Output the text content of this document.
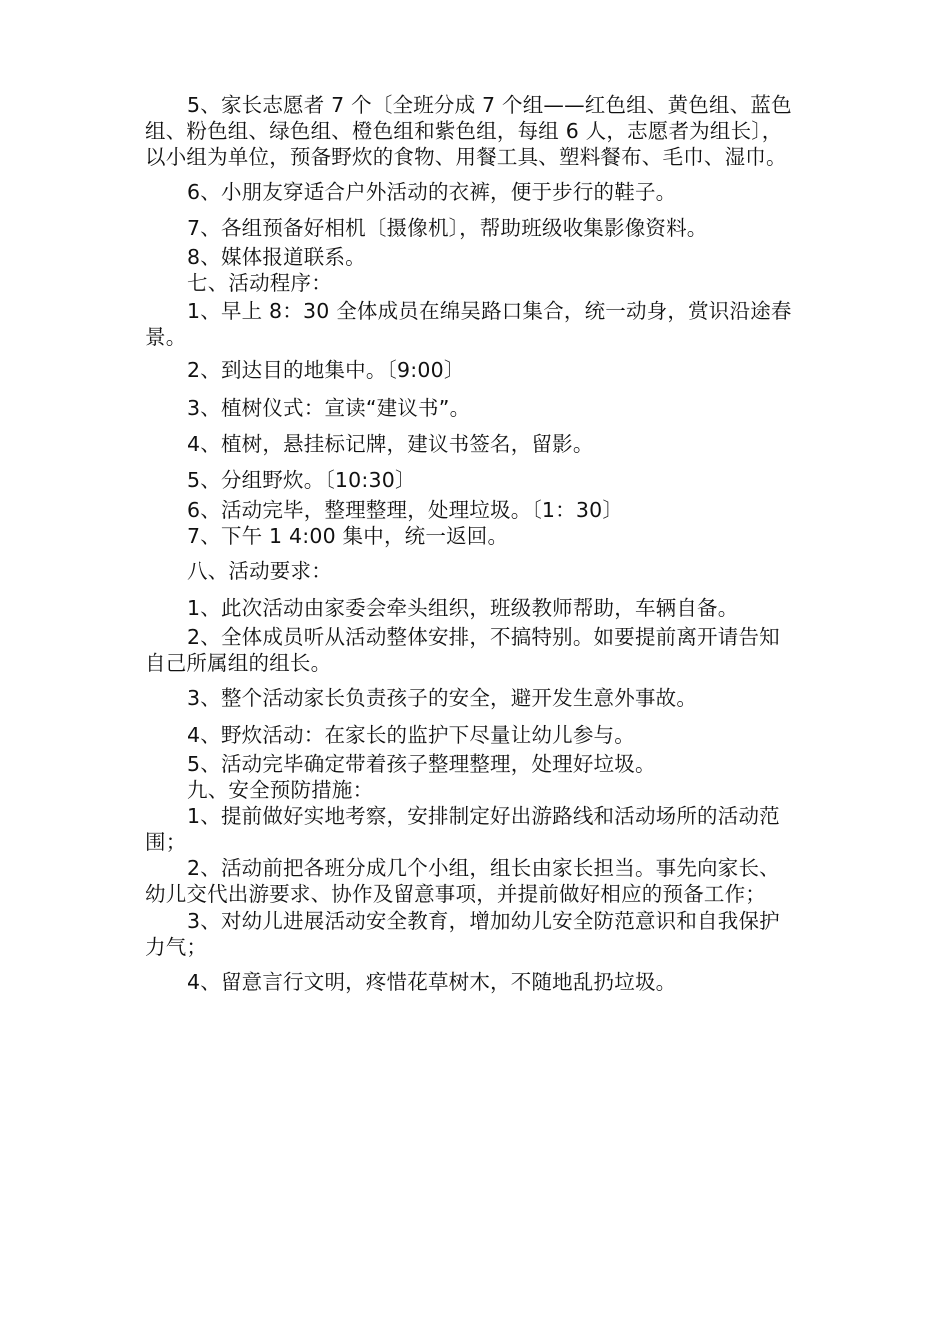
5、家长志愿者 7 个〔全班分成 7 个组——红色组、黄色组、蓝色
组、粉色组、绿色组、橙色组和紫色组，每组 6 人，志愿者为组长〕，
以小组为单位，预备野炊的食物、用餐工具、塑料餐布、毛巾、湿巾。
6、小朋友穿适合户外活动的衣裤，便于步行的鞋子。
7、各组预备好相机〔摄像机〕，帮助班级收集影像资料。
8、媒体报道联系。
七、活动程序：
1、早上 8：30 全体成员在绵吴路口集合，统一动身，赏识沿途春
景。
2、到达目的地集中。〔9:00〕
3、植树仪式：宣读“建议书”。
4、植树，悬挂标记牌，建议书签名，留影。
5、分组野炊。〔10:30〕
6、活动完毕，整理整理，处理垃圾。〔1：30〕
7、下午 1 4:00 集中，统一返回。
八、活动要求：
1、此次活动由家委会牵头组织，班级教师帮助，车辆自备。
2、全体成员听从活动整体安排，不搞特别。如要提前离开请告知
自己所属组的组长。
3、整个活动家长负责孩子的安全，避开发生意外事故。
4、野炊活动：在家长的监护下尽量让幼儿参与。
5、活动完毕确定带着孩子整理整理，处理好垃圾。
九、安全预防措施：
1、提前做好实地考察，安排制定好出游路线和活动场所的活动范
围；
2、活动前把各班分成几个小组，组长由家长担当。事先向家长、
幼儿交代出游要求、协作及留意事项，并提前做好相应的预备工作；
3、对幼儿进展活动安全教育，增加幼儿安全防范意识和自我保护
力气；
4、留意言行文明，疼惜花草树木，不随地乱扔垃圾。
